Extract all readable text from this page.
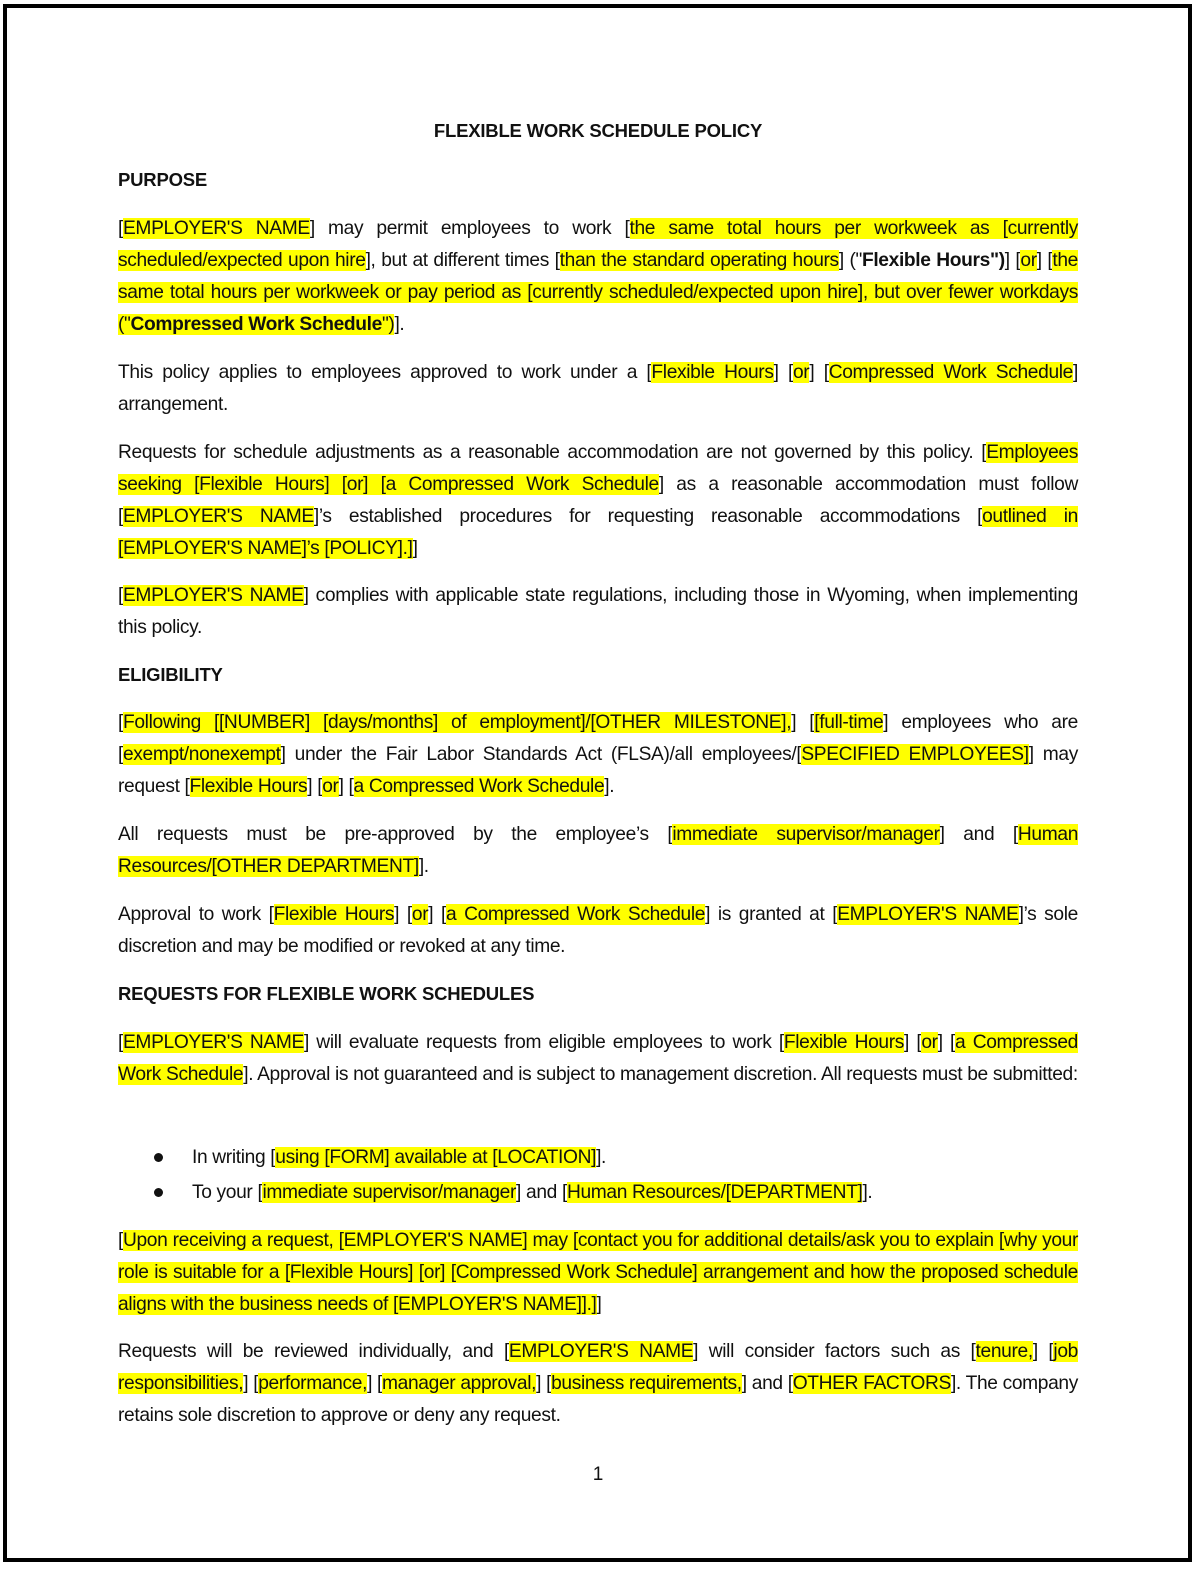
FLEXIBLE WORK SCHEDULE POLICY
PURPOSE

[EMPLOYER'S NAME] may permit employees to work [the same total hours per workweek as [currently scheduled/expected upon hire], but at different times [than the standard operating hours] ("Flexible Hours")] [or] [the same total hours per workweek or pay period as [currently scheduled/expected upon hire], but over fewer workdays ("Compressed Work Schedule")].

This policy applies to employees approved to work under a [Flexible Hours] [or] [Compressed Work Schedule] arrangement.

Requests for schedule adjustments as a reasonable accommodation are not governed by this policy. [Employees seeking [Flexible Hours] [or] [a Compressed Work Schedule] as a reasonable accommodation must follow [EMPLOYER'S NAME]’s established procedures for requesting reasonable accommodations [outlined in [EMPLOYER'S NAME]’s [POLICY].]]

[EMPLOYER'S NAME] complies with applicable state regulations, including those in Wyoming, when implementing this policy.

ELIGIBILITY

[Following [[NUMBER] [days/months] of employment]/[OTHER MILESTONE],] [[full-time] employees who are [exempt/nonexempt] under the Fair Labor Standards Act (FLSA)/all employees/[SPECIFIED EMPLOYEES]] may request [Flexible Hours] [or] [a Compressed Work Schedule].

All requests must be pre-approved by the employee’s [immediate supervisor/manager] and [Human Resources/[OTHER DEPARTMENT]].

Approval to work [Flexible Hours] [or] [a Compressed Work Schedule] is granted at [EMPLOYER'S NAME]’s sole discretion and may be modified or revoked at any time.

REQUESTS FOR FLEXIBLE WORK SCHEDULES

[EMPLOYER'S NAME] will evaluate requests from eligible employees to work [Flexible Hours] [or] [a Compressed Work Schedule]. Approval is not guaranteed and is subject to management discretion. All requests must be submitted:

In writing [using [FORM] available at [LOCATION]].
To your [immediate supervisor/manager] and [Human Resources/[DEPARTMENT]].

[Upon receiving a request, [EMPLOYER'S NAME] may [contact you for additional details/ask you to explain [why your role is suitable for a [Flexible Hours] [or] [Compressed Work Schedule] arrangement and how the proposed schedule aligns with the business needs of [EMPLOYER'S NAME]].]]

Requests will be reviewed individually, and [EMPLOYER'S NAME] will consider factors such as [tenure,] [job responsibilities,] [performance,] [manager approval,] [business requirements,] and [OTHER FACTORS]. The company retains sole discretion to approve or deny any request.

1
